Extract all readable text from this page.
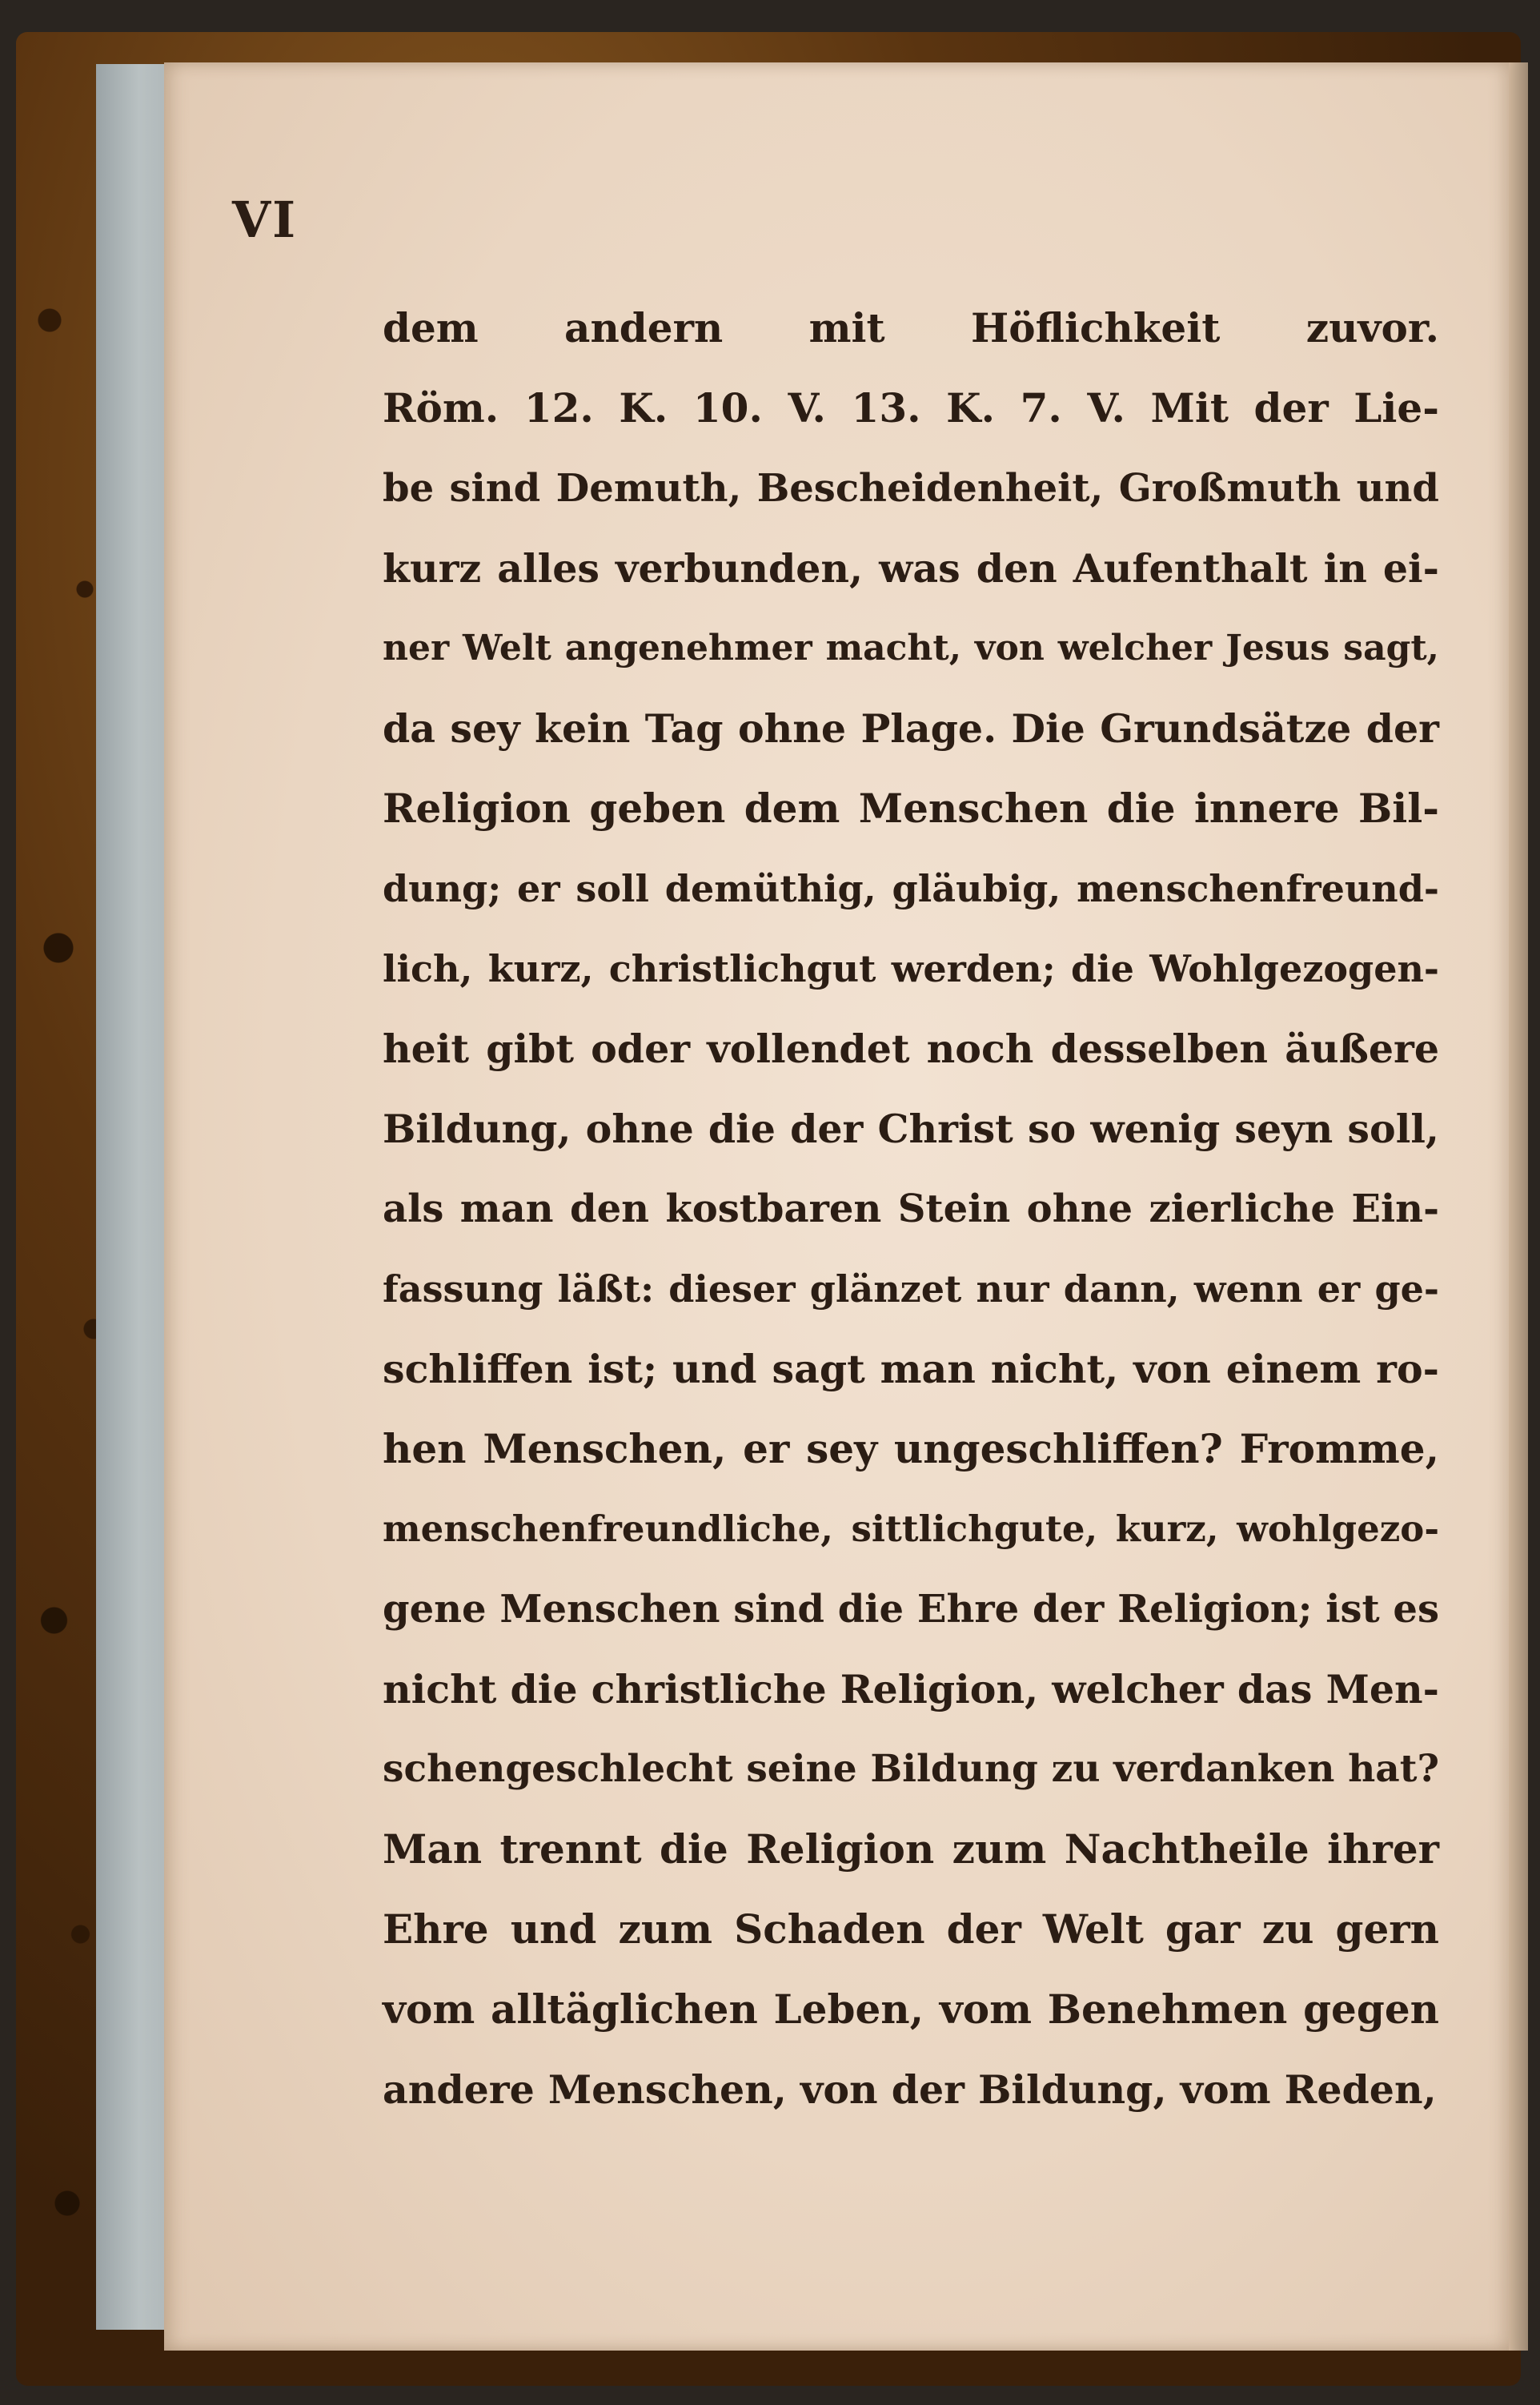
VI

dem andern mit Höflichkeit zuvor.
Röm. 12. K. 10. V. 13. K. 7. V. Mit der Lie-
be sind Demuth, Bescheidenheit, Großmuth und
kurz alles verbunden, was den Aufenthalt in ei-
ner Welt angenehmer macht, von welcher Jesus sagt,
da sey kein Tag ohne Plage. Die Grundsätze der
Religion geben dem Menschen die innere Bil-
dung; er soll demüthig, gläubig, menschenfreund-
lich, kurz, christlichgut werden; die Wohlgezogen-
heit gibt oder vollendet noch desselben äußere
Bildung, ohne die der Christ so wenig seyn soll,
als man den kostbaren Stein ohne zierliche Ein-
fassung läßt: dieser glänzet nur dann, wenn er ge-
schliffen ist; und sagt man nicht, von einem ro-
hen Menschen, er sey ungeschliffen? Fromme,
menschenfreundliche, sittlichgute, kurz, wohlgezo-
gene Menschen sind die Ehre der Religion; ist es
nicht die christliche Religion, welcher das Men-
schengeschlecht seine Bildung zu verdanken hat?
Man trennt die Religion zum Nachtheile ihrer
Ehre und zum Schaden der Welt gar zu gern
vom alltäglichen Leben, vom Benehmen gegen
andere Menschen, von der Bildung, vom Reden,
